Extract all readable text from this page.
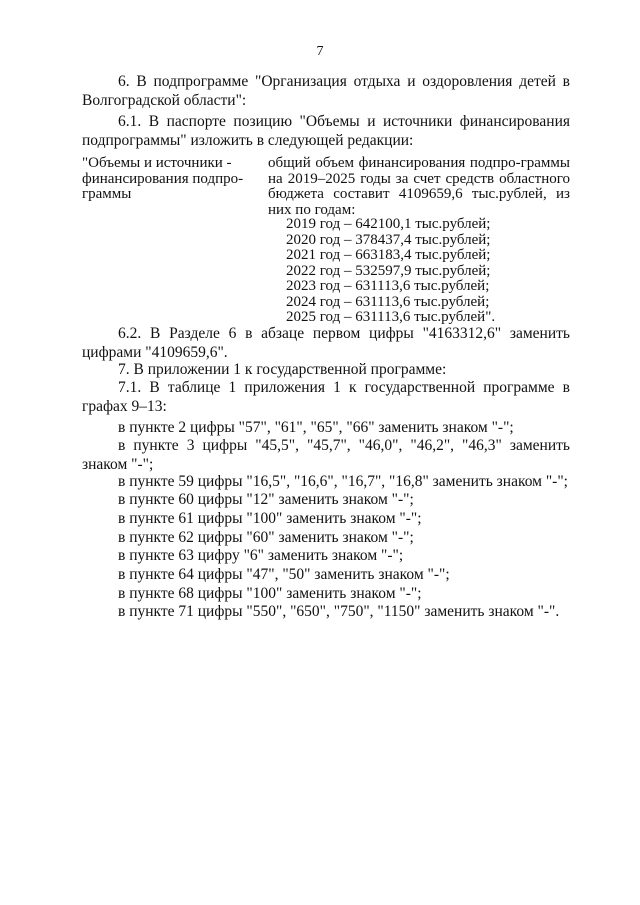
7
6. В подпрограмме "Организация отдыха и оздоровления детей в Волгоградской области":
6.1. В паспорте позицию "Объемы и источники финансирования подпрограммы" изложить в следующей редакции:
"Объемы и источники - финансирования подпро-граммы
общий объем финансирования подпро-граммы на 2019–2025 годы за счет средств областного бюджета составит 4109659,6 тыс.рублей, из них по годам:
2019 год – 642100,1 тыс.рублей;
2020 год – 378437,4 тыс.рублей;
2021 год – 663183,4 тыс.рублей;
2022 год – 532597,9 тыс.рублей;
2023 год – 631113,6 тыс.рублей;
2024 год – 631113,6 тыс.рублей;
2025 год – 631113,6 тыс.рублей".
6.2. В Разделе 6 в абзаце первом цифры "4163312,6" заменить цифрами "4109659,6".
7. В приложении 1 к государственной программе:
7.1. В таблице 1 приложения 1 к государственной программе в графах 9–13:
в пункте 2 цифры "57", "61", "65", "66" заменить знаком "-";
в пункте 3 цифры "45,5", "45,7", "46,0", "46,2", "46,3" заменить знаком "-";
в пункте 59 цифры "16,5", "16,6", "16,7", "16,8" заменить знаком "-";
в пункте 60 цифры "12" заменить знаком "-";
в пункте 61 цифры "100" заменить знаком "-";
в пункте 62 цифры "60" заменить знаком "-";
в пункте 63 цифру "6" заменить знаком "-";
в пункте 64 цифры "47", "50" заменить знаком "-";
в пункте 68 цифры "100" заменить знаком "-";
в пункте 71 цифры "550", "650", "750", "1150" заменить знаком "-".
